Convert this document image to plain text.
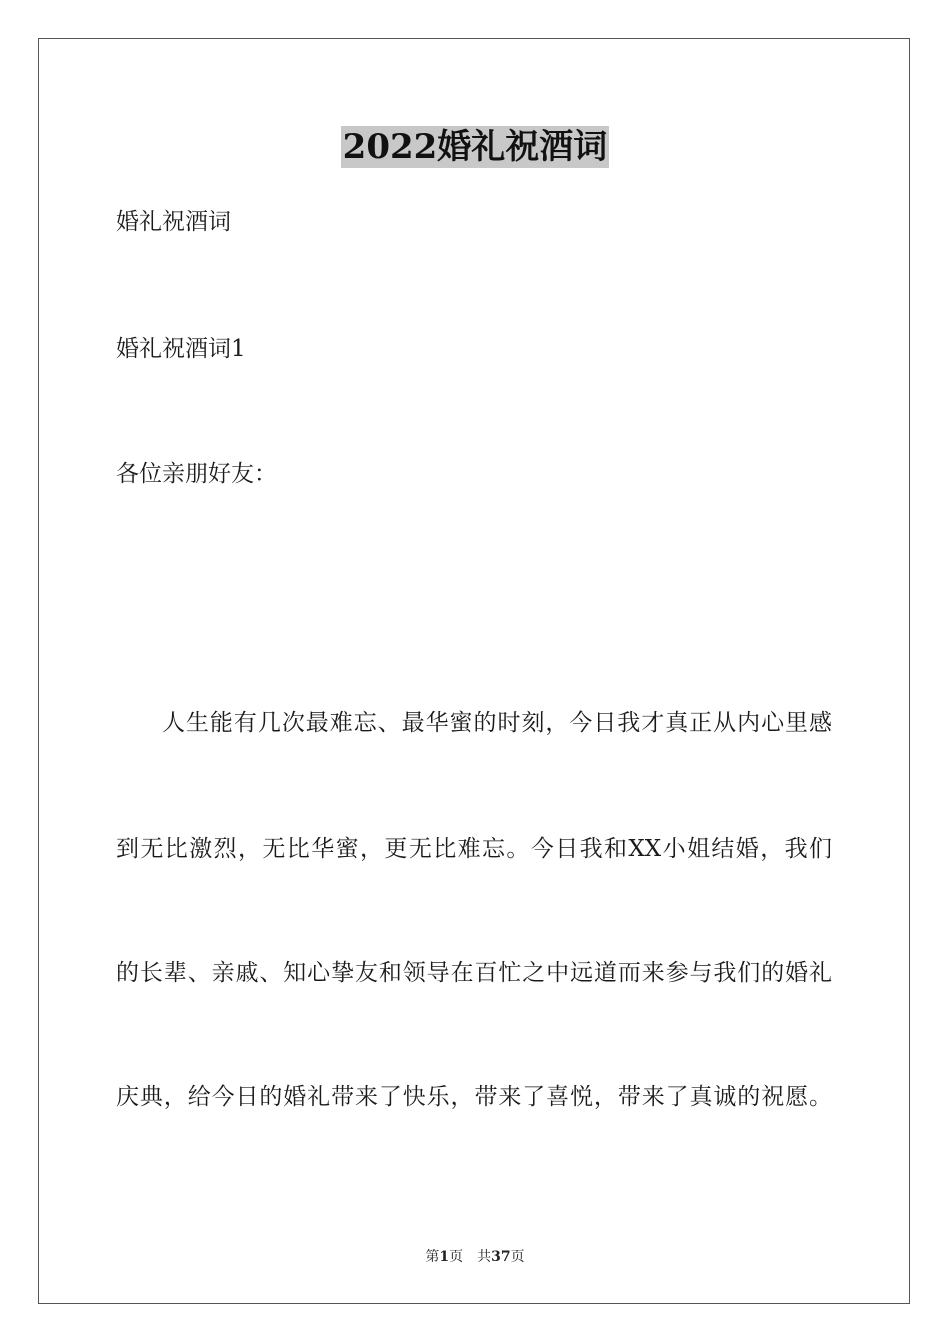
2022婚礼祝酒词
婚礼祝酒词
婚礼祝酒词1
各位亲朋好友：
人生能有几次最难忘、最华蜜的时刻，今日我才真正从内心里感
到无比激烈，无比华蜜，更无比难忘。今日我和XX小姐结婚，我们
的长辈、亲戚、知心挚友和领导在百忙之中远道而来参与我们的婚礼
庆典，给今日的婚礼带来了快乐，带来了喜悦，带来了真诚的祝愿。
第1页 共37页
